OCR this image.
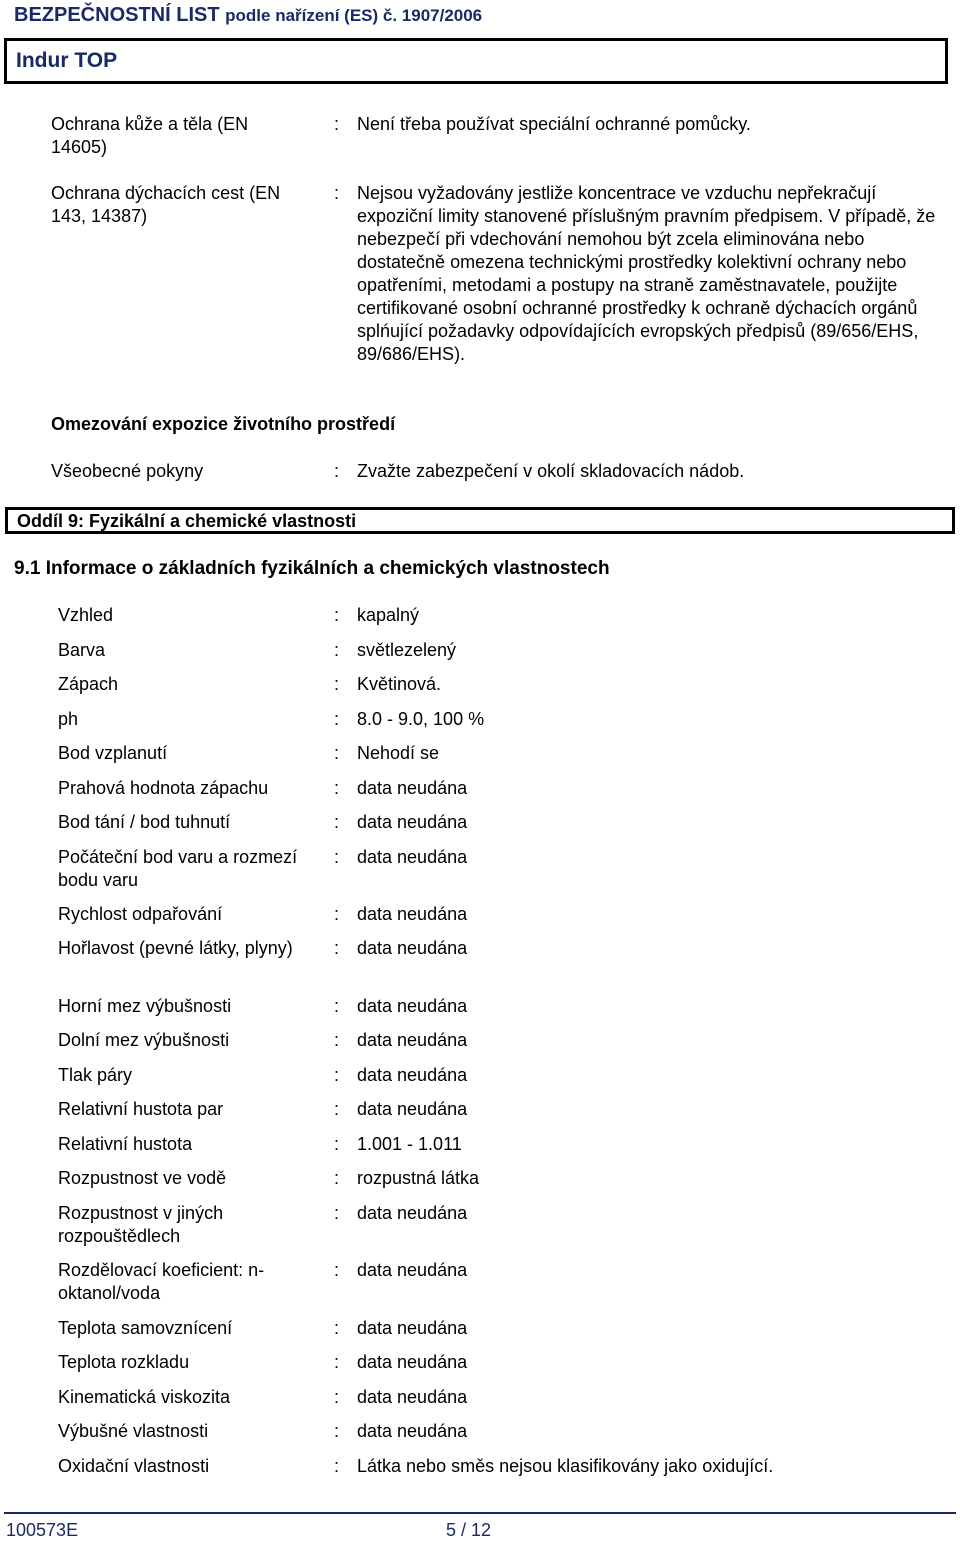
BEZPEČNOSTNÍ LIST podle nařízení (ES) č. 1907/2006
Indur TOP
Ochrana kůže a těla (EN 14605)
: Není třeba používat speciální ochranné pomůcky.
Ochrana dýchacích cest (EN 143, 14387)
: Nejsou vyžadovány jestliže koncentrace ve vzduchu nepřekračují expoziční limity stanovené příslušným pravním předpisem. V případě, že nebezpečí při vdechování nemohou být zcela eliminována nebo dostatečně omezena technickými prostředky kolektivní ochrany nebo opatřeními, metodami a postupy na straně zaměstnavatele, použijte certifikované osobní ochranné prostředky k ochraně dýchacích orgánů splńující požadavky odpovídajících evropských předpisů (89/656/EHS, 89/686/EHS).
Omezování expozice životního prostředí
Všeobecné pokyny	: Zvažte zabezpečení v okolí skladovacích nádob.
Oddíl 9: Fyzikální a chemické vlastnosti
9.1 Informace o základních fyzikálních a chemických vlastnostech
Vzhled	: kapalný
Barva	: světlezelený
Zápach	: Květinová.
ph	: 8.0 - 9.0, 100 %
Bod vzplanutí	: Nehodí se
Prahová hodnota zápachu	: data neudána
Bod tání / bod tuhnutí	: data neudána
Počáteční bod varu a rozmezí bodu varu
: data neudána
Rychlost odpařování	: data neudána
Hořlavost (pevné látky, plyny)	: data neudána
Horní mez výbušnosti	: data neudána
Dolní mez výbušnosti	: data neudána
Tlak páry	: data neudána
Relativní hustota par	: data neudána
Relativní hustota	: 1.001 - 1.011
Rozpustnost ve vodě	: rozpustná látka
Rozpustnost v jiných rozpouštědlech
: data neudána
Rozdělovací koeficient: n-oktanol/voda
: data neudána
Teplota samovznícení	: data neudána
Teplota rozkladu	: data neudána
Kinematická viskozita	: data neudána
Výbušné vlastnosti	: data neudána
Oxidační vlastnosti	: Látka nebo směs nejsou klasifikovány jako oxidující.
100573E	5 / 12
